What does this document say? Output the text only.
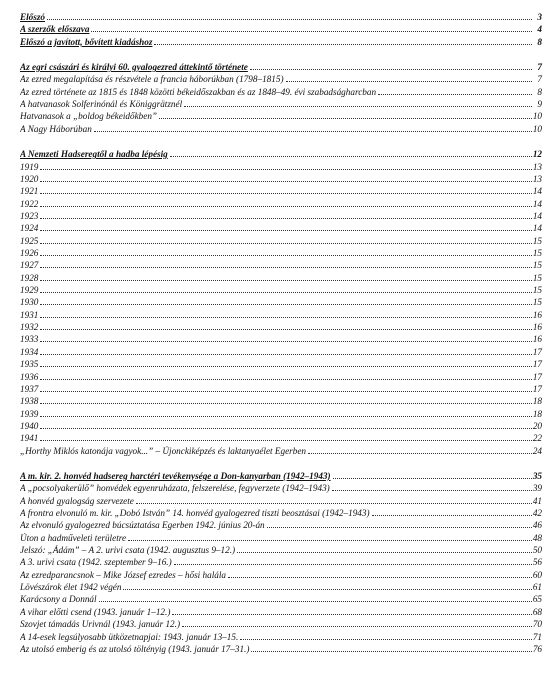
Előszó	3
A szerzők előszava	4
Előszó a javított, bővített kiadáshoz	8
Az egri császári és királyi 60. gyalogezred áttekintő története	7
Az ezred megalapítása és részvétele a francia háborúkban (1798–1815)	7
Az ezred története az 1815 és 1848 közötti békeidőszakban és az 1848–49. évi szabadságharcban	8
A hatvanasok Solferinónál és Königgrätznél	9
Hatvanasok a „boldog békeidőkben”	10
A Nagy Háborúban	10
A Nemzeti Hadseregtől a hadba lépésig	12
1919	13
1920	13
1921	14
1922	14
1923	14
1924	14
1925	15
1926	15
1927	15
1928	15
1929	15
1930	15
1931	16
1932	16
1933	16
1934	17
1935	17
1936	17
1937	17
1938	18
1939	18
1940	20
1941	22
„Horthy Miklós katonája vagyok...” – Újonckiképzés és laktanyaélet Egerben	24
A m. kir. 2. honvéd hadsereg harctéri tevékenysége a Don-kanyarban (1942–1943)	35
A „pocsolyakerülő” honvédek egyenruházata, felszerelése, fegyverzete (1942–1943)	39
A honvéd gyalogság szervezete	41
A frontra elvonuló m. kir. „Dobó István” 14. honvéd gyalogezred tiszti beosztásai (1942–1943)	42
Az elvonuló gyalogezred búcsúztatása Egerben 1942. június 20-án	46
Úton a hadműveleti területre	48
Jelszó: „Ádám” – A 2. urivi csata (1942. augusztus 9–12.)	50
A 3. urivi csata (1942. szeptember 9–16.)	56
Az ezredparancsnok – Mike József ezredes – hősi halála	60
Lövészárok élet 1942 végén	61
Karácsony a Donnál	65
A vihar előtti csend (1943. január 1–12.)	68
Szovjet támadás Urivnál (1943. január 12.)	70
A 14-esek legsúlyosabb ütközetnapjai: 1943. január 13–15.	71
Az utolsó emberig és az utolsó töltényig (1943. január 17–31.)	76
